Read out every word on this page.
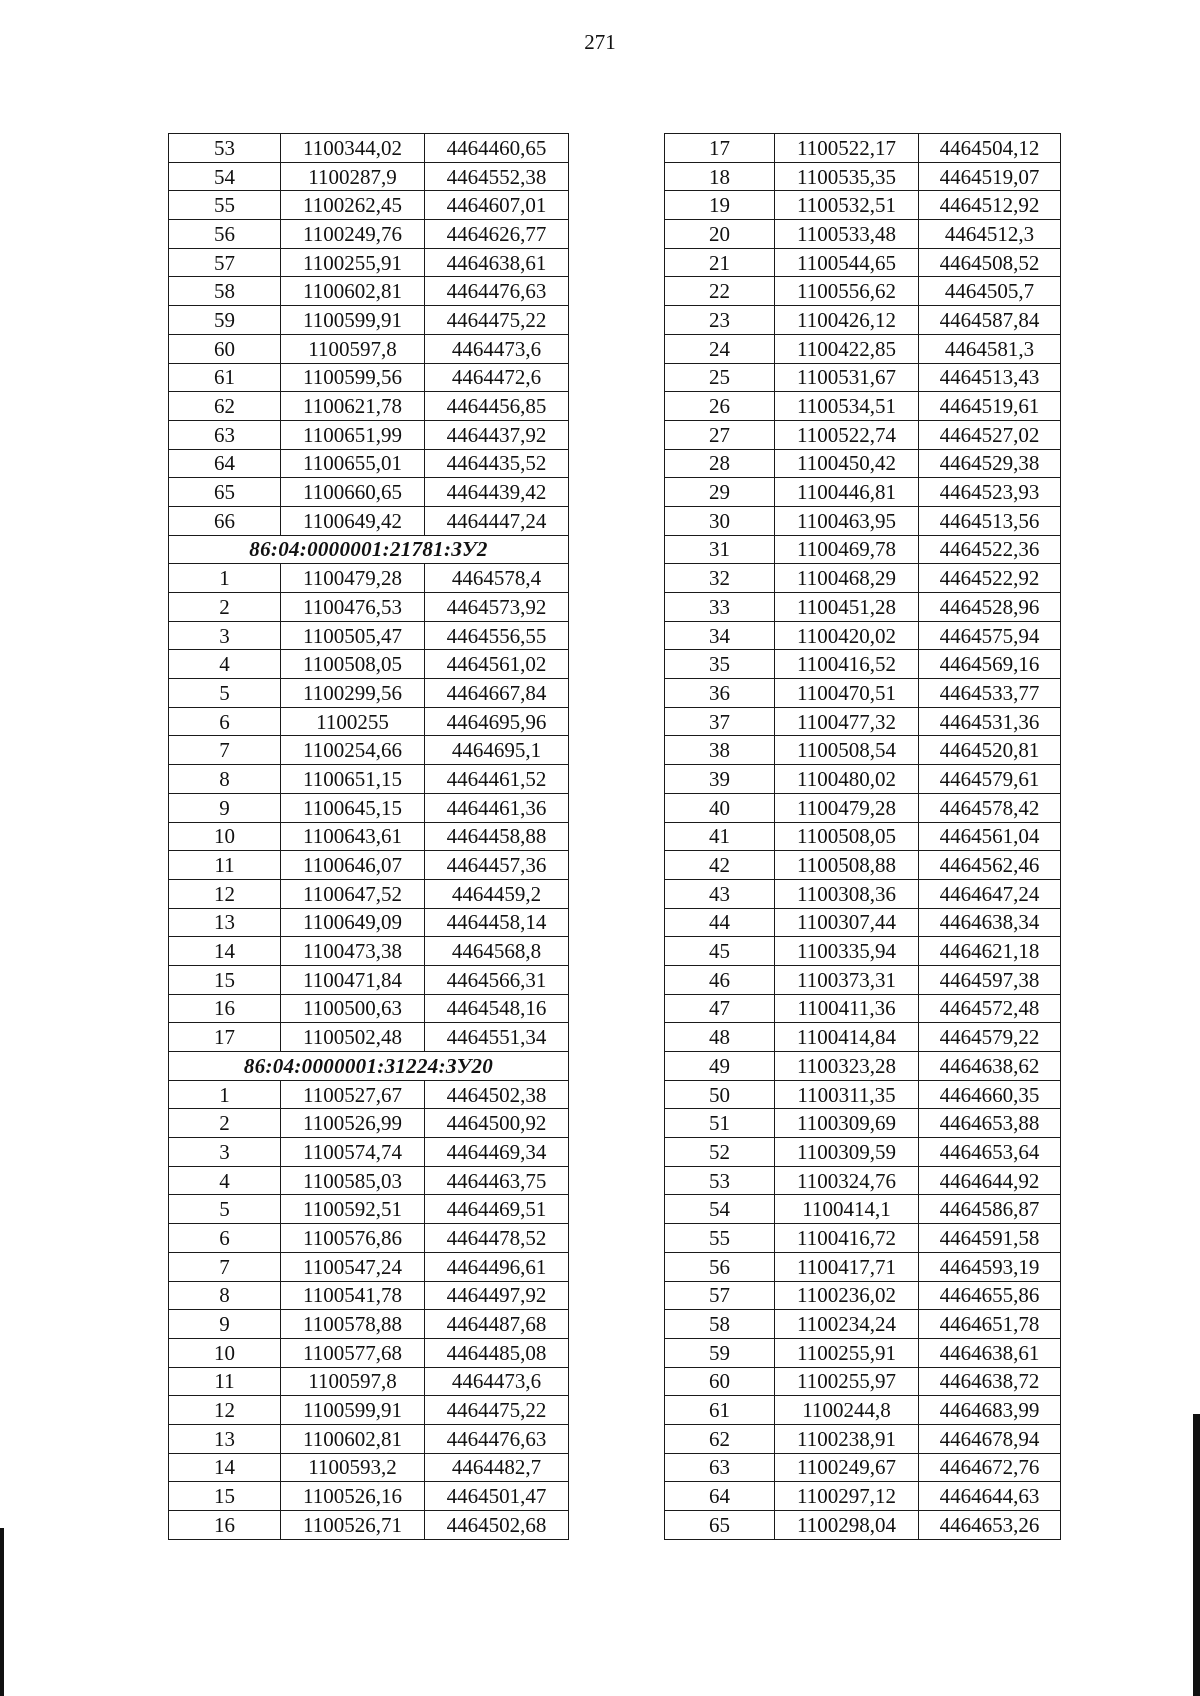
271
53	1100344,02	4464460,65
54	1100287,9	4464552,38
55	1100262,45	4464607,01
56	1100249,76	4464626,77
57	1100255,91	4464638,61
58	1100602,81	4464476,63
59	1100599,91	4464475,22
60	1100597,8	4464473,6
61	1100599,56	4464472,6
62	1100621,78	4464456,85
63	1100651,99	4464437,92
64	1100655,01	4464435,52
65	1100660,65	4464439,42
66	1100649,42	4464447,24
86:04:0000001:21781:ЗУ2		
1	1100479,28	4464578,4
2	1100476,53	4464573,92
3	1100505,47	4464556,55
4	1100508,05	4464561,02
5	1100299,56	4464667,84
6	1100255	4464695,96
7	1100254,66	4464695,1
8	1100651,15	4464461,52
9	1100645,15	4464461,36
10	1100643,61	4464458,88
11	1100646,07	4464457,36
12	1100647,52	4464459,2
13	1100649,09	4464458,14
14	1100473,38	4464568,8
15	1100471,84	4464566,31
16	1100500,63	4464548,16
17	1100502,48	4464551,34
86:04:0000001:31224:ЗУ20		
1	1100527,67	4464502,38
2	1100526,99	4464500,92
3	1100574,74	4464469,34
4	1100585,03	4464463,75
5	1100592,51	4464469,51
6	1100576,86	4464478,52
7	1100547,24	4464496,61
8	1100541,78	4464497,92
9	1100578,88	4464487,68
10	1100577,68	4464485,08
11	1100597,8	4464473,6
12	1100599,91	4464475,22
13	1100602,81	4464476,63
14	1100593,2	4464482,7
15	1100526,16	4464501,47
16	1100526,71	4464502,68
17	1100522,17	4464504,12
18	1100535,35	4464519,07
19	1100532,51	4464512,92
20	1100533,48	4464512,3
21	1100544,65	4464508,52
22	1100556,62	4464505,7
23	1100426,12	4464587,84
24	1100422,85	4464581,3
25	1100531,67	4464513,43
26	1100534,51	4464519,61
27	1100522,74	4464527,02
28	1100450,42	4464529,38
29	1100446,81	4464523,93
30	1100463,95	4464513,56
31	1100469,78	4464522,36
32	1100468,29	4464522,92
33	1100451,28	4464528,96
34	1100420,02	4464575,94
35	1100416,52	4464569,16
36	1100470,51	4464533,77
37	1100477,32	4464531,36
38	1100508,54	4464520,81
39	1100480,02	4464579,61
40	1100479,28	4464578,42
41	1100508,05	4464561,04
42	1100508,88	4464562,46
43	1100308,36	4464647,24
44	1100307,44	4464638,34
45	1100335,94	4464621,18
46	1100373,31	4464597,38
47	1100411,36	4464572,48
48	1100414,84	4464579,22
49	1100323,28	4464638,62
50	1100311,35	4464660,35
51	1100309,69	4464653,88
52	1100309,59	4464653,64
53	1100324,76	4464644,92
54	1100414,1	4464586,87
55	1100416,72	4464591,58
56	1100417,71	4464593,19
57	1100236,02	4464655,86
58	1100234,24	4464651,78
59	1100255,91	4464638,61
60	1100255,97	4464638,72
61	1100244,8	4464683,99
62	1100238,91	4464678,94
63	1100249,67	4464672,76
64	1100297,12	4464644,63
65	1100298,04	4464653,26
